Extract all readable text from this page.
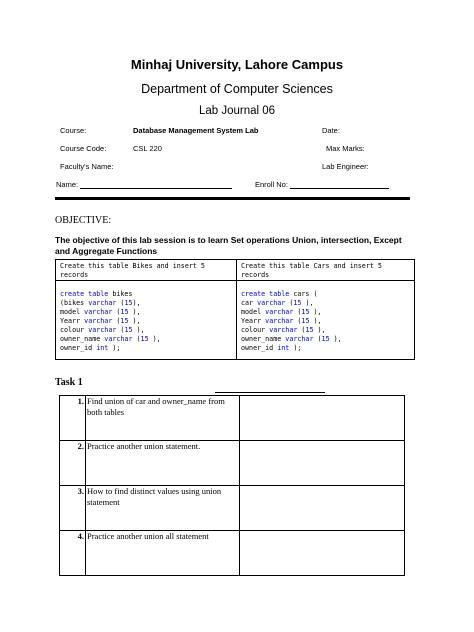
Minhaj University, Lahore Campus
Department of Computer Sciences
Lab Journal 06
Course:	Database Management System Lab	Date:
Course Code:	CSL 220	Max Marks:
Faculty's Name:	Lab Engineer:
Name:	Enroll No:
OBJECTIVE:
The objective of this lab session is to learn Set operations Union, intersection, Except and Aggregate Functions
Create this table Bikes and insert 5 records
create table bikes
(bikes varchar (15),
model varchar (15 ),
Yearr varchar (15 ),
colour varchar (15 ),
owner_name varchar (15 ),
owner_id int );
Create this table Cars and insert 5 records
create table cars (
car varchar (15 ),
model varchar (15 ),
Yearr varchar (15 ),
colour varchar (15 ),
owner_name varchar (15 ),
owner_id int );
Task 1
1.	Find union of car and owner_name from both tables	
2.	Practice another union statement.	
3.	How to find distinct values using union statement	
4.	Practice another union all statement	
